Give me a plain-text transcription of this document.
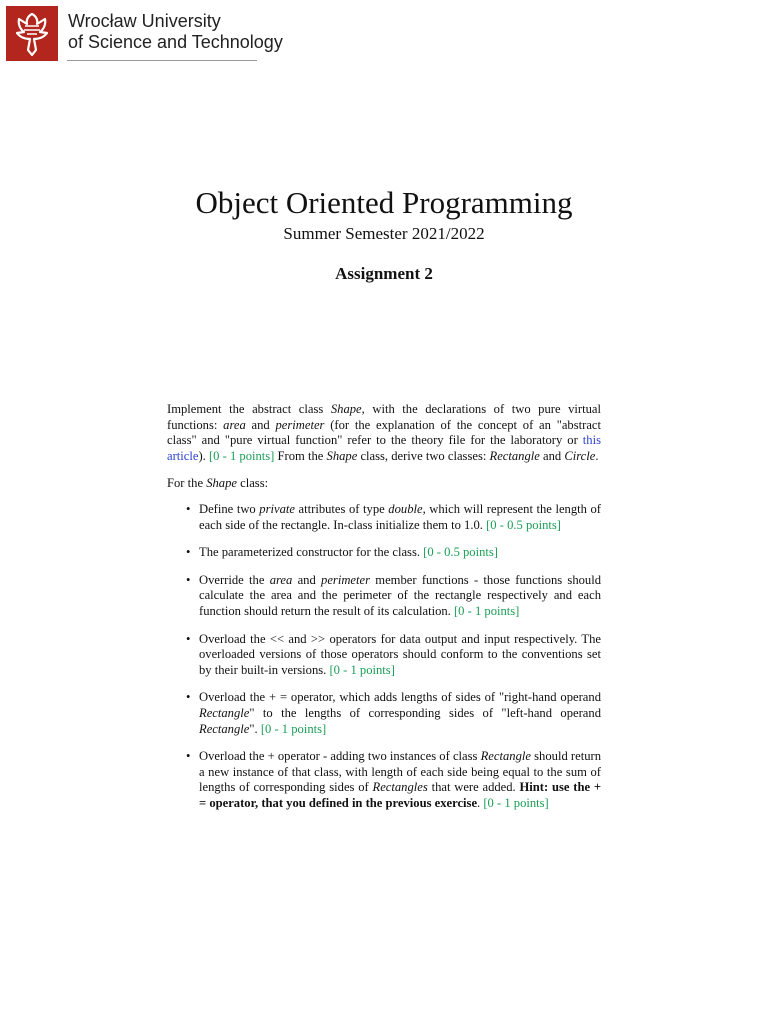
Wrocław University
of Science and Technology
Object Oriented Programming
Summer Semester 2021/2022
Assignment 2

Implement the abstract class Shape, with the declarations of two pure virtual functions: area and perimeter (for the explanation of the concept of an "abstract class" and "pure virtual function" refer to the theory file for the laboratory or this article). [0 - 1 points] From the Shape class, derive two classes: Rectangle and Circle.

For the Shape class:

• Define two private attributes of type double, which will represent the length of each side of the rectangle. In-class initialize them to 1.0. [0 - 0.5 points]
• The parameterized constructor for the class. [0 - 0.5 points]
• Override the area and perimeter member functions - those functions should calculate the area and the perimeter of the rectangle respectively and each function should return the result of its calculation. [0 - 1 points]
• Overload the << and >> operators for data output and input respectively. The overloaded versions of those operators should conform to the conventions set by their built-in versions. [0 - 1 points]
• Overload the + = operator, which adds lengths of sides of "right-hand operand Rectangle" to the lengths of corresponding sides of "left-hand operand Rectangle". [0 - 1 points]
• Overload the + operator - adding two instances of class Rectangle should return a new instance of that class, with length of each side being equal to the sum of lengths of corresponding sides of Rectangles that were added. Hint: use the + = operator, that you defined in the previous exercise. [0 - 1 points]
